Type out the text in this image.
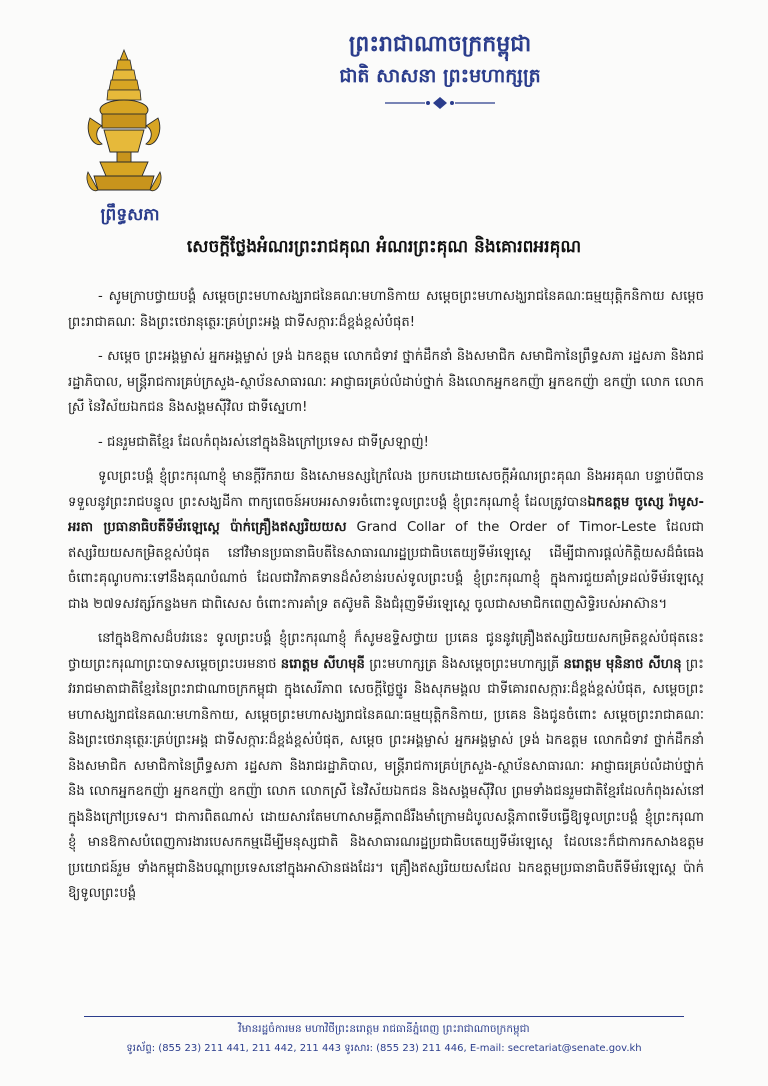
ព្រឹទ្ធសភា
ព្រះរាជាណាចក្រកម្ពុជា
ជាតិ សាសនា ព្រះមហាក្សត្រ
សេចក្តីថ្លែងអំណរព្រះរាជគុណ អំណរព្រះគុណ និងគោរពអរគុណ

- សូមក្រាបថ្វាយបង្គំ សម្តេចព្រះមហាសង្ឃរាជនៃគណៈមហានិកាយ សម្តេចព្រះមហាសង្ឃរាជនៃគណៈធម្មយុត្តិកនិកាយ សម្តេចព្រះរាជាគណៈ និងព្រះថេរានុត្ថេរៈគ្រប់ព្រះអង្គ ជាទីសក្ការៈដ៏ខ្ពង់ខ្ពស់បំផុត!

- សម្តេច ព្រះអង្គម្ចាស់ អ្នកអង្គម្ចាស់ ទ្រង់ ឯកឧត្តម លោកជំទាវ ថ្នាក់ដឹកនាំ និងសមាជិក សមាជិកានៃព្រឹទ្ធសភា រដ្ឋសភា និងរាជរដ្ឋាភិបាល, មន្ត្រីរាជការគ្រប់ក្រសួង-ស្ថាប័នសាធារណៈ អាជ្ញាធរគ្រប់លំដាប់ថ្នាក់ និងលោកអ្នកឧកញ៉ា អ្នកឧកញ៉ា ឧកញ៉ា លោក លោកស្រី នៃវិស័យឯកជន និងសង្គមស៊ីវិល ជាទីស្នេហា!

- ជនរួមជាតិខ្មែរ ដែលកំពុងរស់នៅក្នុងនិងក្រៅប្រទេស ជាទីស្រឡាញ់!

ទូលព្រះបង្គំ ខ្ញុំព្រះករុណាខ្ញុំ មានក្តីរីករាយ និងសោមនស្សក្រៃលែង ប្រកបដោយសេចក្តីអំណរព្រះគុណ និងអរគុណ បន្ទាប់ពីបានទទួលនូវព្រះរាជបន្ទូល ព្រះសង្ឃដីកា ពាក្យពេចន៍អបអរសាទរចំពោះទូលព្រះបង្គំ ខ្ញុំព្រះករុណាខ្ញុំ ដែលត្រូវបានឯកឧត្តម ចូស្សេ រ៉ាមូស-អរតា ប្រធានាធិបតីទីម័រឡេស្តេ ប៉ាក់គ្រឿងឥស្សរិយយស Grand Collar of the Order of Timor-Leste ដែលជាឥស្សរិយយសកម្រិតខ្ពស់បំផុត នៅវិមានប្រធានាធិបតីនៃសាធារណរដ្ឋប្រជាធិបតេយ្យទីម័រឡេស្តេ ដើម្បីជាការផ្តល់កិត្តិយសដ៏ធំធេងចំពោះគុណូបការៈទៅនឹងគុណបំណាច់ ដែលជាវិភាគទានដ៏សំខាន់របស់ទូលព្រះបង្គំ ខ្ញុំព្រះករុណាខ្ញុំ ក្នុងការជួយគាំទ្រដល់ទីម័រឡេស្តេ ជាង ២៧ទសវត្សរ៍កន្លងមក ជាពិសេស ចំពោះការគាំទ្រ តស៊ូមតិ និងជំរុញទីម័រឡេស្តេ ចូលជាសមាជិកពេញសិទ្ធិរបស់អាស៊ាន។

នៅក្នុងឱកាសដ៏បវរនេះ ទូលព្រះបង្គំ ខ្ញុំព្រះករុណាខ្ញុំ ក៏សូមឧទ្ទិសថ្វាយ ប្រគេន ជូននូវគ្រឿងឥស្សរិយយសកម្រិតខ្ពស់បំផុតនេះ ថ្វាយព្រះករុណាព្រះបាទសម្តេចព្រះបរមនាថ នរោត្តម សីហមុនី ព្រះមហាក្សត្រ និងសម្តេចព្រះមហាក្សត្រី នរោត្តម មុនិនាថ សីហនុ ព្រះវររាជមាតាជាតិខ្មែរនៃព្រះរាជាណាចក្រកម្ពុជា ក្នុងសេរីភាព សេចក្តីថ្លៃថ្នូរ និងសុភមង្គល ជាទីគោរពសក្ការៈដ៏ខ្ពង់ខ្ពស់បំផុត, សម្តេចព្រះមហាសង្ឃរាជនៃគណៈមហានិកាយ, សម្តេចព្រះមហាសង្ឃរាជនៃគណៈធម្មយុត្តិកនិកាយ, ប្រគេន និងជូនចំពោះ សម្តេចព្រះរាជាគណៈ និងព្រះថេរានុត្ថេរៈគ្រប់ព្រះអង្គ ជាទីសក្ការៈដ៏ខ្ពង់ខ្ពស់បំផុត, សម្តេច ព្រះអង្គម្ចាស់ អ្នកអង្គម្ចាស់ ទ្រង់ ឯកឧត្តម លោកជំទាវ ថ្នាក់ដឹកនាំ និងសមាជិក សមាជិកានៃព្រឹទ្ធសភា រដ្ឋសភា និងរាជរដ្ឋាភិបាល, មន្ត្រីរាជការគ្រប់ក្រសួង-ស្ថាប័នសាធារណៈ អាជ្ញាធរគ្រប់លំដាប់ថ្នាក់ និង លោកអ្នកឧកញ៉ា អ្នកឧកញ៉ា ឧកញ៉ា លោក លោកស្រី នៃវិស័យឯកជន និងសង្គមស៊ីវិល ព្រមទាំងជនរួមជាតិខ្មែរដែលកំពុងរស់នៅក្នុងនិងក្រៅប្រទេស។ ជាការពិតណាស់ ដោយសារតែមហាសាមគ្គីភាពដ៏រឹងមាំក្រោមដំបូលសន្តិភាពទើបធ្វើឱ្យទូលព្រះបង្គំ ខ្ញុំព្រះករុណាខ្ញុំ មានឱកាសបំពេញការងារបេសកកម្មដើម្បីមនុស្សជាតិ និងសាធារណរដ្ឋប្រជាធិបតេយ្យទីម័រឡេស្តេ ដែលនេះក៏ជាការកសាងឧត្តមប្រយោជន៍រួម ទាំងកម្ពុជានិងបណ្តាប្រទេសនៅក្នុងអាស៊ានផងដែរ។ គ្រឿងឥស្សរិយយសដែល ឯកឧត្តមប្រធានាធិបតីទីម័រឡេស្តេ ប៉ាក់ឱ្យទូលព្រះបង្គំ

វិមានរដ្ឋចំការមន មហាវិថីព្រះនរោត្តម រាជធានីភ្នំពេញ ព្រះរាជាណាចក្រកម្ពុជា
ទូរស័ព្ទ: (855 23) 211 441, 211 442, 211 443 ទូរសារ: (855 23) 211 446, E-mail: secretariat@senate.gov.kh
